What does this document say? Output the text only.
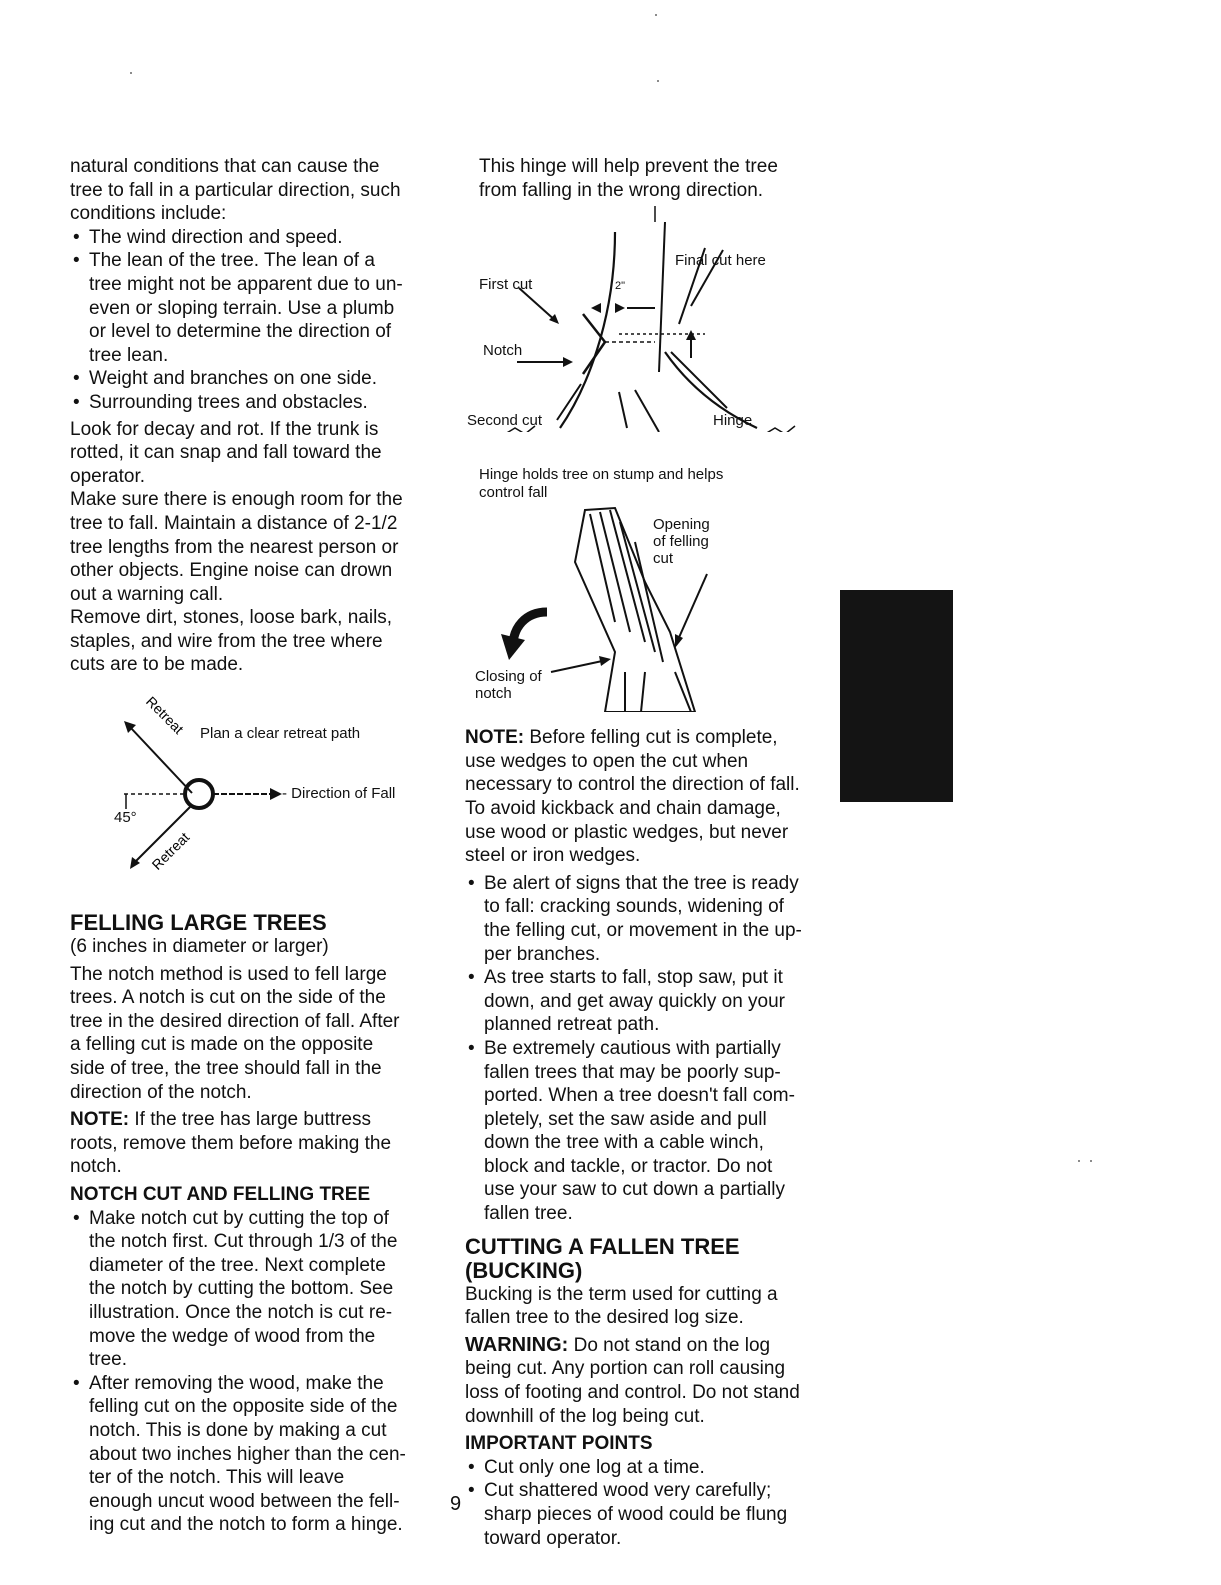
natural conditions that can cause the
tree to fall in a particular direction, such
conditions include:

• The wind direction and speed.
• The lean of the tree. The lean of a
tree might not be apparent due to un-
even or sloping terrain. Use a plumb
or level to determine the direction of
tree lean.
• Weight and branches on one side.
• Surrounding trees and obstacles.

Look for decay and rot. If the trunk is
rotted, it can snap and fall toward the
operator.

Make sure there is enough room for the
tree to fall. Maintain a distance of 2-1/2
tree lengths from the nearest person or
other objects. Engine noise can drown
out a warning call.

Remove dirt, stones, loose bark, nails,
staples, and wire from the tree where
cuts are to be made.

Retreat
Retreat
Plan a clear retreat path
- Direction of Fall
45°
FELLING LARGE TREES

(6 inches in diameter or larger)

The notch method is used to fell large
trees. A notch is cut on the side of the
tree in the desired direction of fall. After
a felling cut is made on the opposite
side of tree, the tree should fall in the
direction of the notch.

NOTE: If the tree has large buttress
roots, remove them before making the
notch.

NOTCH CUT AND FELLING TREE
• Make notch cut by cutting the top of
the notch first. Cut through 1/3 of the
diameter of the tree. Next complete
the notch by cutting the bottom. See
illustration. Once the notch is cut re-
move the wedge of wood from the
tree.
• After removing the wood, make the
felling cut on the opposite side of the
notch. This is done by making a cut
about two inches higher than the cen-
ter of the notch. This will leave
enough uncut wood between the fell-
ing cut and the notch to form a hinge.

This hinge will help prevent the tree
from falling in the wrong direction.

Final cut here
First cut	2"
Notch
Second cut	Hinge

Hinge holds tree on stump and helps
control fall

Opening
of felling
cut
Closing of
notch

NOTE: Before felling cut is complete,
use wedges to open the cut when
necessary to control the direction of fall.
To avoid kickback and chain damage,
use wood or plastic wedges, but never
steel or iron wedges.

• Be alert of signs that the tree is ready
to fall: cracking sounds, widening of
the felling cut, or movement in the up-
per branches.
• As tree starts to fall, stop saw, put it
down, and get away quickly on your
planned retreat path.
• Be extremely cautious with partially
fallen trees that may be poorly sup-
ported. When a tree doesn't fall com-
pletely, set the saw aside and pull
down the tree with a cable winch,
block and tackle, or tractor. Do not
use your saw to cut down a partially
fallen tree.
CUTTING A FALLEN TREE
(BUCKING)

Bucking is the term used for cutting a
fallen tree to the desired log size.

WARNING: Do not stand on the log
being cut. Any portion can roll causing
loss of footing and control. Do not stand
downhill of the log being cut.

IMPORTANT POINTS
• Cut only one log at a time.
• Cut shattered wood very carefully;
sharp pieces of wood could be flung
toward operator.
9
